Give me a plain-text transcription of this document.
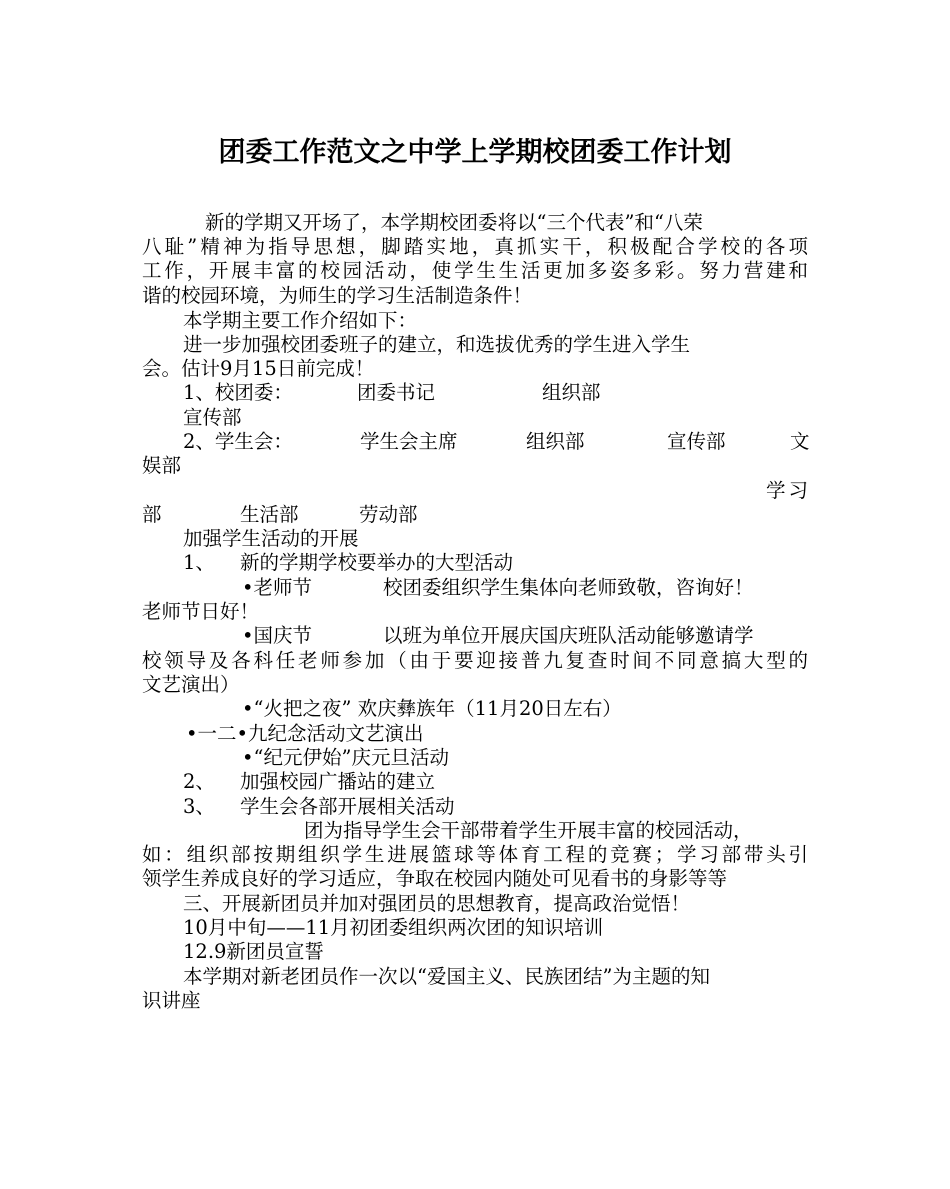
团委工作范文之中学上学期校团委工作计划
新的学期又开场了，本学期校团委将以“三个代表”和“八荣
八耻”精神为指导思想，脚踏实地，真抓实干，积极配合学校的各项
工作，开展丰富的校园活动，使学生生活更加多姿多彩。努力营建和
谐的校园环境，为师生的学习生活制造条件！
本学期主要工作介绍如下：
进一步加强校团委班子的建立，和选拔优秀的学生进入学生
会。估计9月15日前完成！
1、校团委：	团委书记	组织部
宣传部
2、学生会：	学生会主席	组织部	宣传部	文
娱部
学习
部	生活部	劳动部
加强学生活动的开展
1、 新的学期学校要举办的大型活动
•老师节	校团委组织学生集体向老师致敬，咨询好！
老师节日好！
•国庆节	以班为单位开展庆国庆班队活动能够邀请学
校领导及各科任老师参加（由于要迎接普九复查时间不同意搞大型的
文艺演出）
•“火把之夜” 欢庆彝族年（11月20日左右）
•一二•九纪念活动文艺演出
•“纪元伊始”庆元旦活动
2、 加强校园广播站的建立
3、 学生会各部开展相关活动
团为指导学生会干部带着学生开展丰富的校园活动，
如：组织部按期组织学生进展篮球等体育工程的竞赛；学习部带头引
领学生养成良好的学习适应，争取在校园内随处可见看书的身影等等
三、开展新团员并加对强团员的思想教育，提高政治觉悟！
10月中旬——11月初团委组织两次团的知识培训
12.9新团员宣誓
本学期对新老团员作一次以“爱国主义、民族团结”为主题的知
识讲座
